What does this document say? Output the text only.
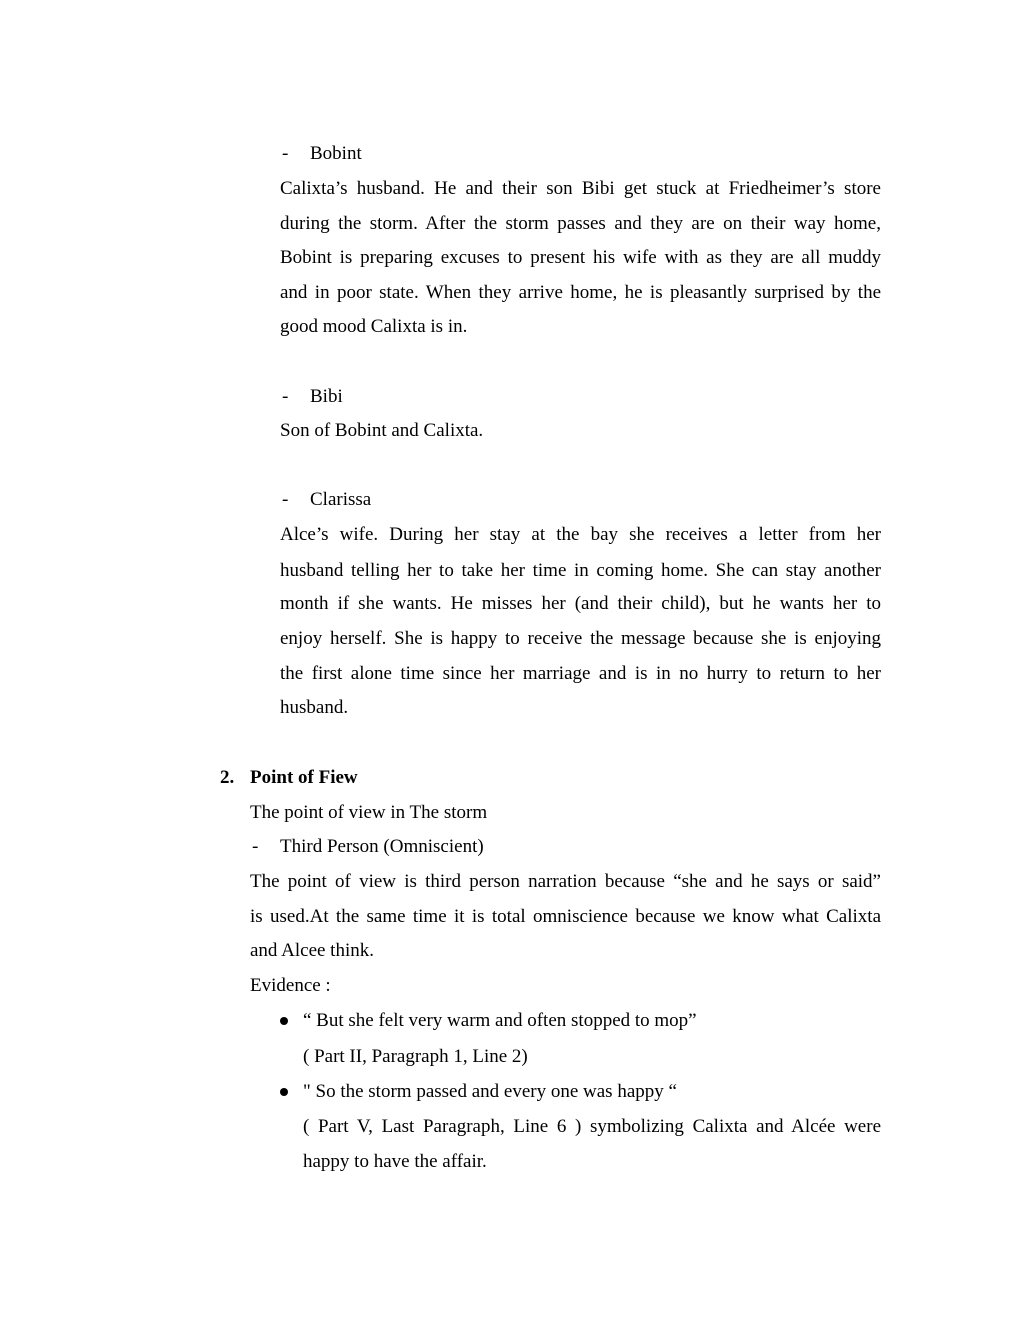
- Bobint
Calixta’s husband. He and their son Bibi get stuck at Friedheimer’s store
during the storm. After the storm passes and they are on their way home,
Bobint is preparing excuses to present his wife with as they are all muddy
and in poor state. When they arrive home, he is pleasantly surprised by the
good mood Calixta is in.
- Bibi
Son of Bobint and Calixta.
- Clarissa
Alce’s wife. During her stay at the bay she receives a letter from her
husband telling her to take her time in coming home. She can stay another
month if she wants. He misses her (and their child), but he wants her to
enjoy herself. She is happy to receive the message because she is enjoying
the first alone time since her marriage and is in no hurry to return to her
husband.
2. Point of Fiew
The point of view in The storm
- Third Person (Omniscient)
The point of view is third person narration because “she and he says or said”
is used.At the same time it is total omniscience because we know what Calixta
and Alcee think.
Evidence :
“ But she felt very warm and often stopped to mop”
( Part II, Paragraph 1, Line 2)
" So the storm passed and every one was happy “
( Part V, Last Paragraph, Line 6 ) symbolizing Calixta and Alcée were
happy to have the affair.
